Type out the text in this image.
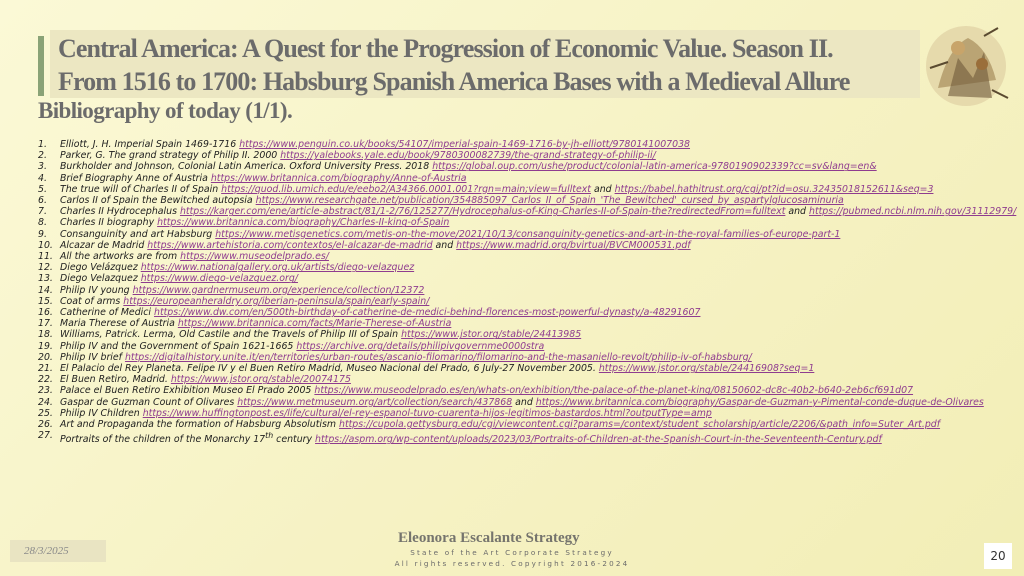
Central America: A Quest for the Progression of Economic Value. Season II.
From 1516 to 1700: Habsburg Spanish America Bases with a Medieval Allure
Bibliography of today (1/1).
1. Elliott, J. H. Imperial Spain 1469-1716 https://www.penguin.co.uk/books/54107/imperial-spain-1469-1716-by-jh-elliott/9780141007038
2. Parker, G. The grand strategy of Philip II. 2000 https://yalebooks.yale.edu/book/9780300082739/the-grand-strategy-of-philip-ii/
3. Burkholder and Johnson, Colonial Latin America. Oxford University Press. 2018 https://global.oup.com/ushe/product/colonial-latin-america-9780190902339?cc=sv&lang=en&
4. Brief Biography Anne of Austria https://www.britannica.com/biography/Anne-of-Austria
5. The true will of Charles II of Spain https://quod.lib.umich.edu/e/eebo2/A34366.0001.001?rgn=main;view=fulltext and https://babel.hathitrust.org/cgi/pt?id=osu.32435018152611&seq=3
6. Carlos II of Spain the Bewitched autopsia https://www.researchgate.net/publication/354885097_Carlos_II_of_Spain_'The_Bewitched'_cursed_by_aspartylglucosaminuria
7. Charles II Hydrocephalus https://karger.com/ene/article-abstract/81/1-2/76/125277/Hydrocephalus-of-King-Charles-II-of-Spain-the?redirectedFrom=fulltext and https://pubmed.ncbi.nlm.nih.gov/31112979/
8. Charles II biography https://www.britannica.com/biography/Charles-II-king-of-Spain
9. Consanguinity and art Habsburg https://www.metisgenetics.com/metis-on-the-move/2021/10/13/consanguinity-genetics-and-art-in-the-royal-families-of-europe-part-1
10. Alcazar de Madrid https://www.artehistoria.com/contextos/el-alcazar-de-madrid and https://www.madrid.org/bvirtual/BVCM000531.pdf
11. All the artworks are from https://www.museodelprado.es/
12. Diego Velázquez https://www.nationalgallery.org.uk/artists/diego-velazquez
13. Diego Velazquez https://www.diego-velazquez.org/
14. Philip IV young https://www.gardnermuseum.org/experience/collection/12372
15. Coat of arms https://europeanheraldry.org/iberian-peninsula/spain/early-spain/
16. Catherine of Medici https://www.dw.com/en/500th-birthday-of-catherine-de-medici-behind-florences-most-powerful-dynasty/a-48291607
17. Maria Therese of Austria https://www.britannica.com/facts/Marie-Therese-of-Austria
18. Williams, Patrick. Lerma, Old Castile and the Travels of Philip III of Spain https://www.jstor.org/stable/24413985
19. Philip IV and the Government of Spain 1621-1665 https://archive.org/details/philipivgovernme0000stra
20. Philip IV brief https://digitalhistory.unite.it/en/territories/urban-routes/ascanio-filomarino/filomarino-and-the-masaniello-revolt/philip-iv-of-habsburg/
21. El Palacio del Rey Planeta. Felipe IV y el Buen Retiro Madrid, Museo Nacional del Prado, 6 July-27 November 2005. https://www.jstor.org/stable/24416908?seq=1
22. El Buen Retiro, Madrid. https://www.jstor.org/stable/20074175
23. Palace el Buen Retiro Exhibition Museo El Prado 2005 https://www.museodelprado.es/en/whats-on/exhibition/the-palace-of-the-planet-king/08150602-dc8c-40b2-b640-2eb6cf691d07
24. Gaspar de Guzman Count of Olivares https://www.metmuseum.org/art/collection/search/437868 and https://www.britannica.com/biography/Gaspar-de-Guzman-y-Pimental-conde-duque-de-Olivares
25. Philip IV Children https://www.huffingtonpost.es/life/cultural/el-rey-espanol-tuvo-cuarenta-hijos-legitimos-bastardos.html?outputType=amp
26. Art and Propaganda the formation of Habsburg Absolutism https://cupola.gettysburg.edu/cgi/viewcontent.cgi?params=/context/student_scholarship/article/2206/&path_info=Suter_Art.pdf
27. Portraits of the children of the Monarchy 17th century https://aspm.org/wp-content/uploads/2023/03/Portraits-of-Children-at-the-Spanish-Court-in-the-Seventeenth-Century.pdf
28/3/2025
Eleonora Escalante Strategy
State of the Art Corporate Strategy
All rights reserved. Copyright 2016-2024
20
